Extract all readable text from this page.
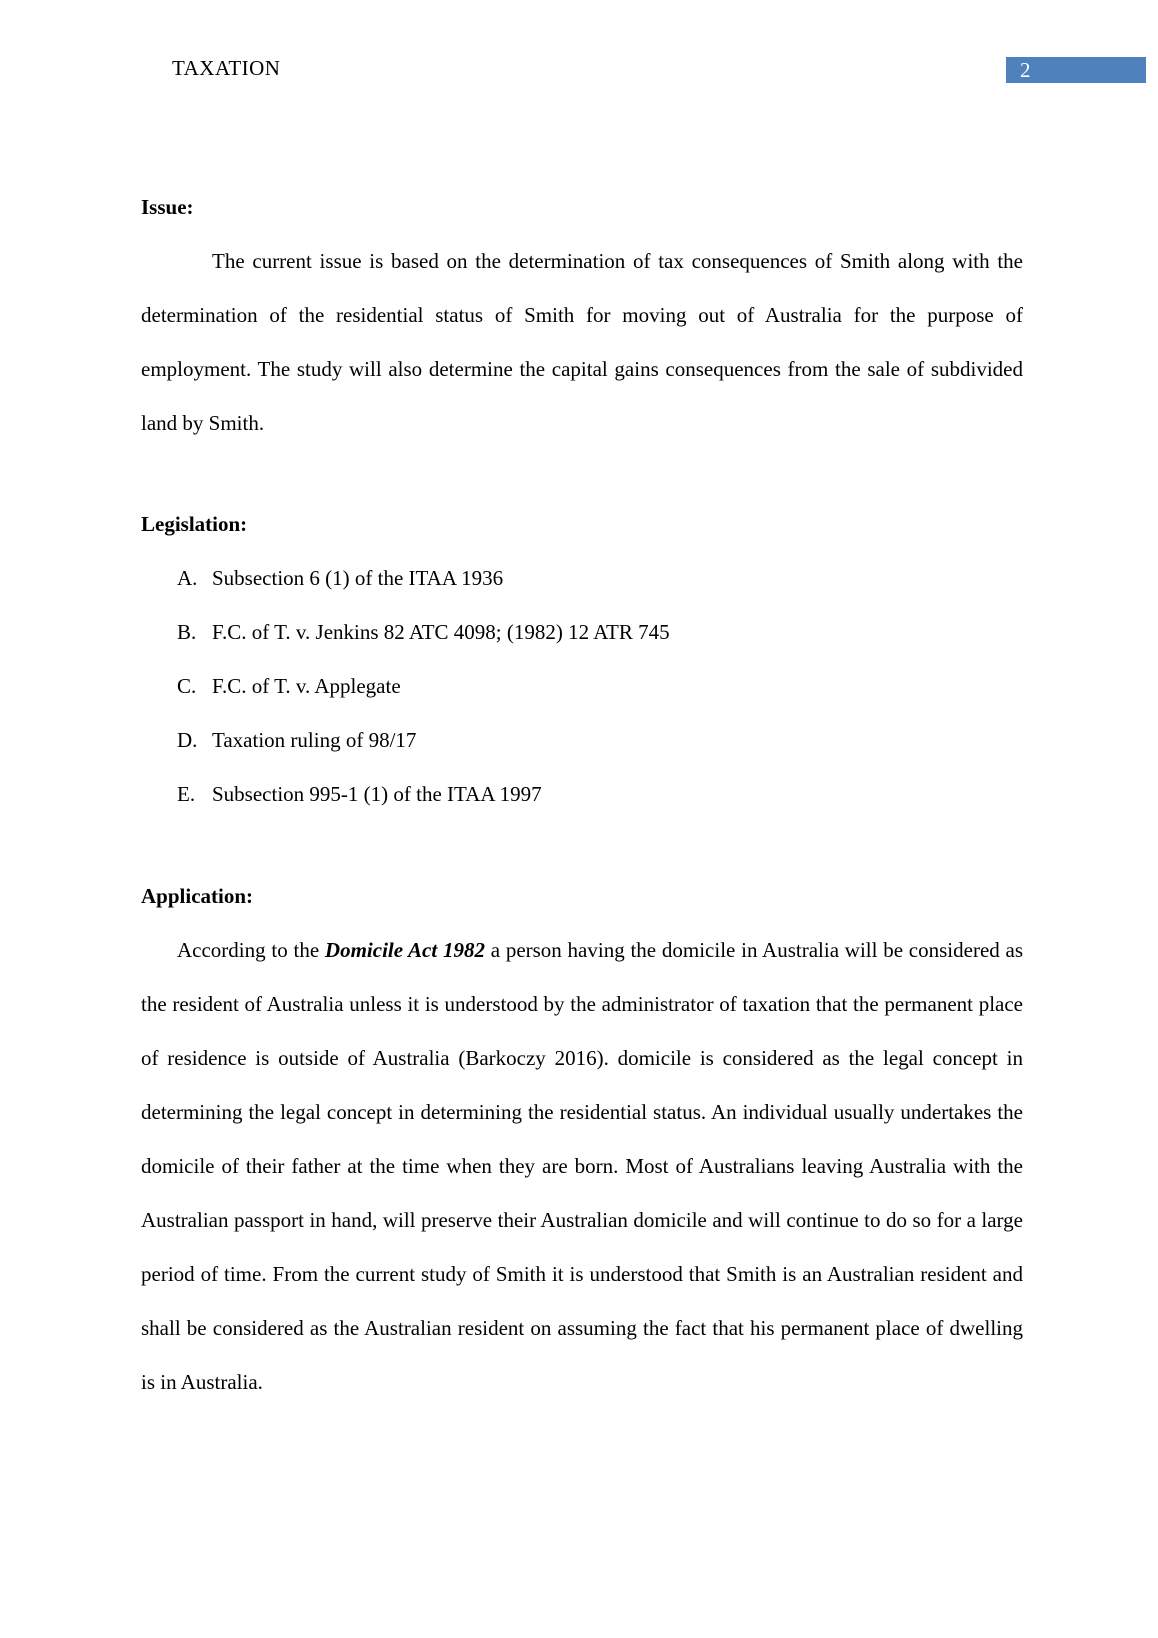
TAXATION	2
Issue:
The current issue is based on the determination of tax consequences of Smith along with the determination of the residential status of Smith for moving out of Australia for the purpose of employment. The study will also determine the capital gains consequences from the sale of subdivided land by Smith.
Legislation:
A. Subsection 6 (1) of the ITAA 1936
B. F.C. of T. v. Jenkins 82 ATC 4098; (1982) 12 ATR 745
C. F.C. of T. v. Applegate
D. Taxation ruling of 98/17
E. Subsection 995-1 (1) of the ITAA 1997
Application:
According to the Domicile Act 1982 a person having the domicile in Australia will be considered as the resident of Australia unless it is understood by the administrator of taxation that the permanent place of residence is outside of Australia (Barkoczy 2016). domicile is considered as the legal concept in determining the legal concept in determining the residential status. An individual usually undertakes the domicile of their father at the time when they are born. Most of Australians leaving Australia with the Australian passport in hand, will preserve their Australian domicile and will continue to do so for a large period of time. From the current study of Smith it is understood that Smith is an Australian resident and shall be considered as the Australian resident on assuming the fact that his permanent place of dwelling is in Australia.
